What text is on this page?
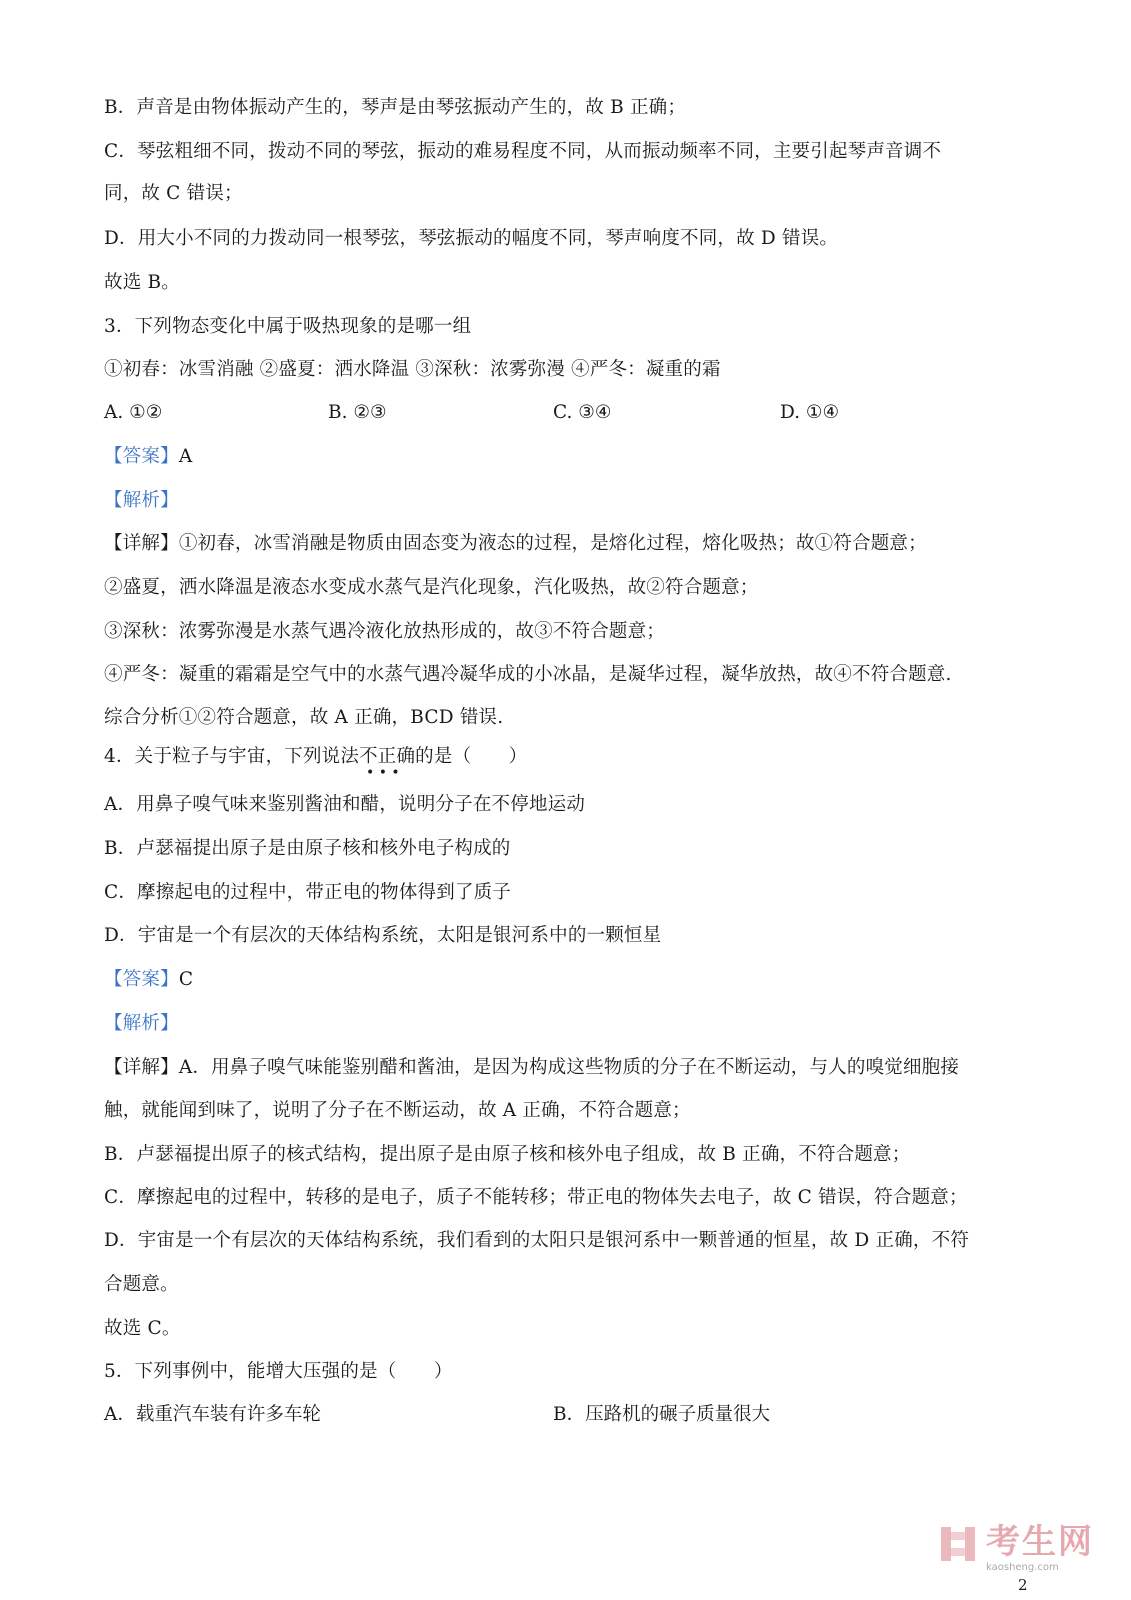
B．声音是由物体振动产生的，琴声是由琴弦振动产生的，故 B 正确；
C．琴弦粗细不同，拨动不同的琴弦，振动的难易程度不同，从而振动频率不同，主要引起琴声音调不
同，故 C 错误；
D．用大小不同的力拨动同一根琴弦，琴弦振动的幅度不同，琴声响度不同，故 D 错误。
故选 B。
3．下列物态变化中属于吸热现象的是哪一组
①初春：冰雪消融 ②盛夏：洒水降温 ③深秋：浓雾弥漫 ④严冬：凝重的霜
A. ①②	B. ②③	C. ③④	D. ①④
【答案】A
【解析】
【详解】①初春，冰雪消融是物质由固态变为液态的过程，是熔化过程，熔化吸热；故①符合题意；
②盛夏，洒水降温是液态水变成水蒸气是汽化现象，汽化吸热，故②符合题意；
③深秋：浓雾弥漫是水蒸气遇冷液化放热形成的，故③不符合题意；
④严冬：凝重的霜霜是空气中的水蒸气遇冷凝华成的小冰晶，是凝华过程，凝华放热，故④不符合题意.
综合分析①②符合题意，故 A 正确，BCD 错误.
4．关于粒子与宇宙，下列说法不正确的是（　　）
• • •
A．用鼻子嗅气味来鉴别酱油和醋，说明分子在不停地运动
B．卢瑟福提出原子是由原子核和核外电子构成的
C．摩擦起电的过程中，带正电的物体得到了质子
D．宇宙是一个有层次的天体结构系统，太阳是银河系中的一颗恒星
【答案】C
【解析】
【详解】A．用鼻子嗅气味能鉴别醋和酱油，是因为构成这些物质的分子在不断运动，与人的嗅觉细胞接
触，就能闻到味了，说明了分子在不断运动，故 A 正确，不符合题意；
B．卢瑟福提出原子的核式结构，提出原子是由原子核和核外电子组成，故 B 正确，不符合题意；
C．摩擦起电的过程中，转移的是电子，质子不能转移；带正电的物体失去电子，故 C 错误，符合题意；
D．宇宙是一个有层次的天体结构系统，我们看到的太阳只是银河系中一颗普通的恒星，故 D 正确，不符
合题意。
故选 C。
5．下列事例中，能增大压强的是（　　）
A．载重汽车装有许多车轮	B．压路机的碾子质量很大
考生网
kaosheng.com
2
